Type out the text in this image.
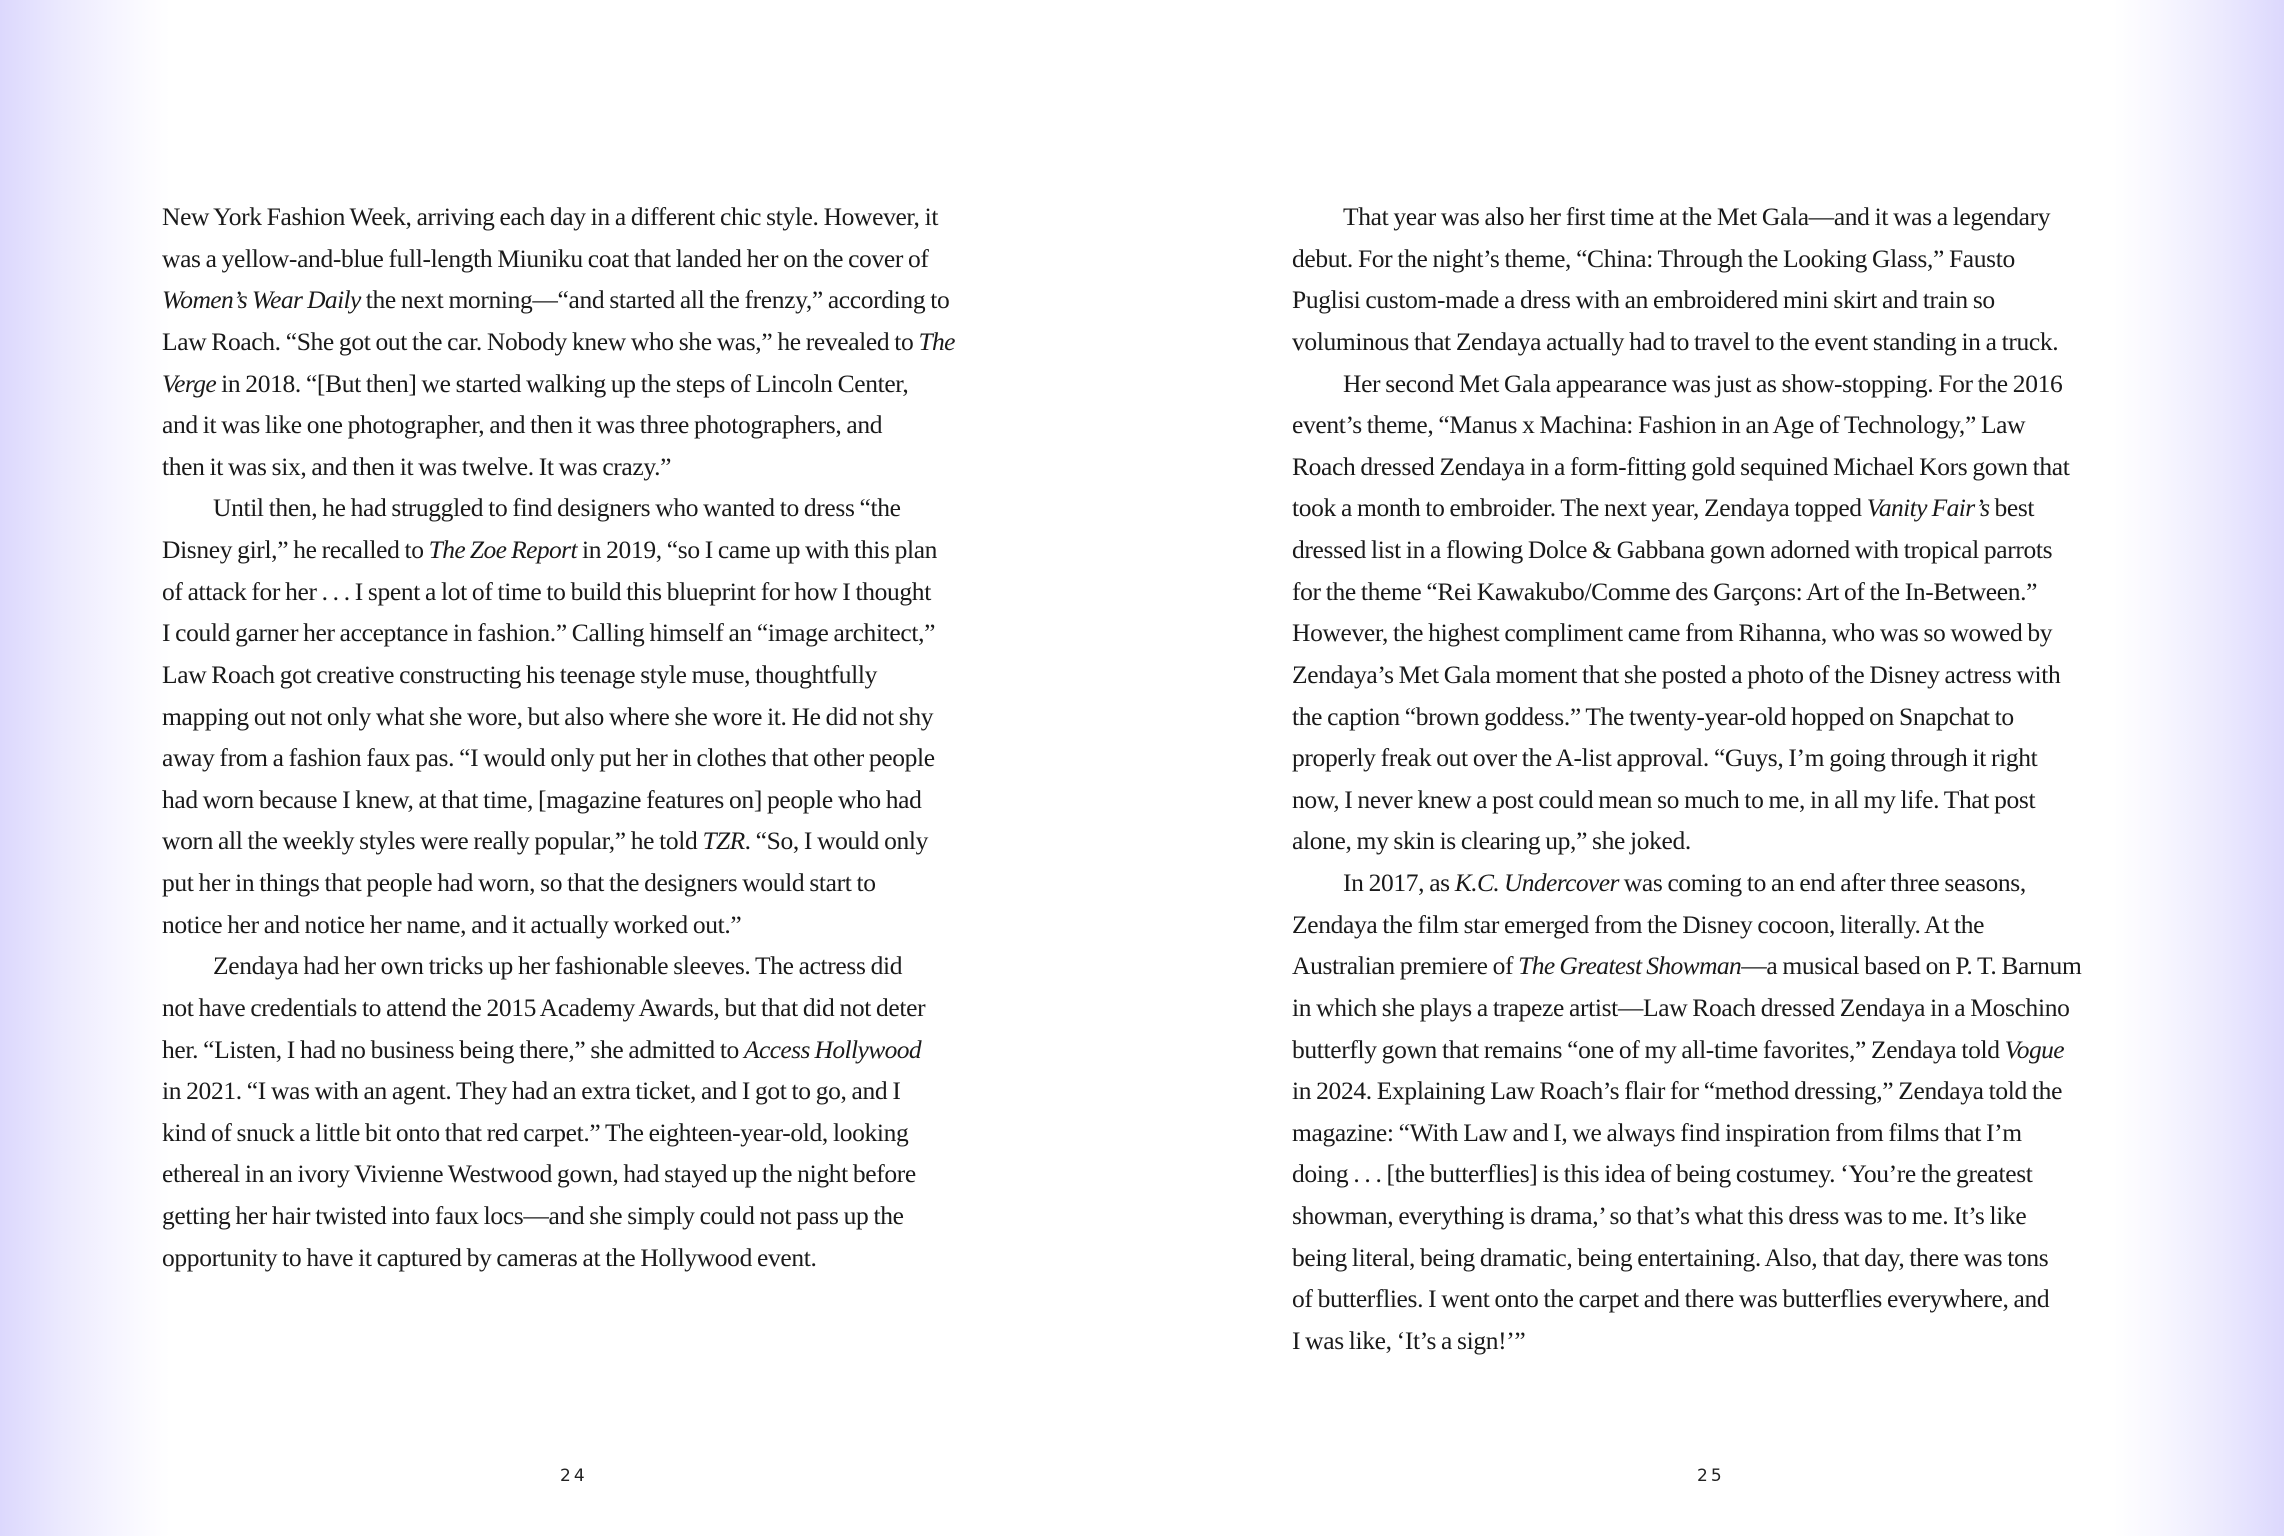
New York Fashion Week, arriving each day in a different chic style. However, it
was a yellow-and-blue full-length Miuniku coat that landed her on the cover of
Women’s Wear Daily the next morning—“and started all the frenzy,” according to
Law Roach. “She got out the car. Nobody knew who she was,” he revealed to The
Verge in 2018. “[But then] we started walking up the steps of Lincoln Center,
and it was like one photographer, and then it was three photographers, and
then it was six, and then it was twelve. It was crazy.”
Until then, he had struggled to find designers who wanted to dress “the
Disney girl,” he recalled to The Zoe Report in 2019, “so I came up with this plan
of attack for her . . . I spent a lot of time to build this blueprint for how I thought
I could garner her acceptance in fashion.” Calling himself an “image architect,”
Law Roach got creative constructing his teenage style muse, thoughtfully
mapping out not only what she wore, but also where she wore it. He did not shy
away from a fashion faux pas. “I would only put her in clothes that other people
had worn because I knew, at that time, [magazine features on] people who had
worn all the weekly styles were really popular,” he told TZR. “So, I would only
put her in things that people had worn, so that the designers would start to
notice her and notice her name, and it actually worked out.”
Zendaya had her own tricks up her fashionable sleeves. The actress did
not have credentials to attend the 2015 Academy Awards, but that did not deter
her. “Listen, I had no business being there,” she admitted to Access Hollywood
in 2021. “I was with an agent. They had an extra ticket, and I got to go, and I
kind of snuck a little bit onto that red carpet.” The eighteen-year-old, looking
ethereal in an ivory Vivienne Westwood gown, had stayed up the night before
getting her hair twisted into faux locs—and she simply could not pass up the
opportunity to have it captured by cameras at the Hollywood event.
24
That year was also her first time at the Met Gala—and it was a legendary
debut. For the night’s theme, “China: Through the Looking Glass,” Fausto
Puglisi custom-made a dress with an embroidered mini skirt and train so
voluminous that Zendaya actually had to travel to the event standing in a truck.
Her second Met Gala appearance was just as show-stopping. For the 2016
event’s theme, “Manus x Machina: Fashion in an Age of Technology,” Law
Roach dressed Zendaya in a form-fitting gold sequined Michael Kors gown that
took a month to embroider. The next year, Zendaya topped Vanity Fair’s best
dressed list in a flowing Dolce & Gabbana gown adorned with tropical parrots
for the theme “Rei Kawakubo/Comme des Garçons: Art of the In-Between.”
However, the highest compliment came from Rihanna, who was so wowed by
Zendaya’s Met Gala moment that she posted a photo of the Disney actress with
the caption “brown goddess.” The twenty-year-old hopped on Snapchat to
properly freak out over the A-list approval. “Guys, I’m going through it right
now, I never knew a post could mean so much to me, in all my life. That post
alone, my skin is clearing up,” she joked.
In 2017, as K.C. Undercover was coming to an end after three seasons,
Zendaya the film star emerged from the Disney cocoon, literally. At the
Australian premiere of The Greatest Showman—a musical based on P. T. Barnum
in which she plays a trapeze artist—Law Roach dressed Zendaya in a Moschino
butterfly gown that remains “one of my all-time favorites,” Zendaya told Vogue
in 2024. Explaining Law Roach’s flair for “method dressing,” Zendaya told the
magazine: “With Law and I, we always find inspiration from films that I’m
doing . . . [the butterflies] is this idea of being costumey. ‘You’re the greatest
showman, everything is drama,’ so that’s what this dress was to me. It’s like
being literal, being dramatic, being entertaining. Also, that day, there was tons
of butterflies. I went onto the carpet and there was butterflies everywhere, and
I was like, ‘It’s a sign!’”
25
